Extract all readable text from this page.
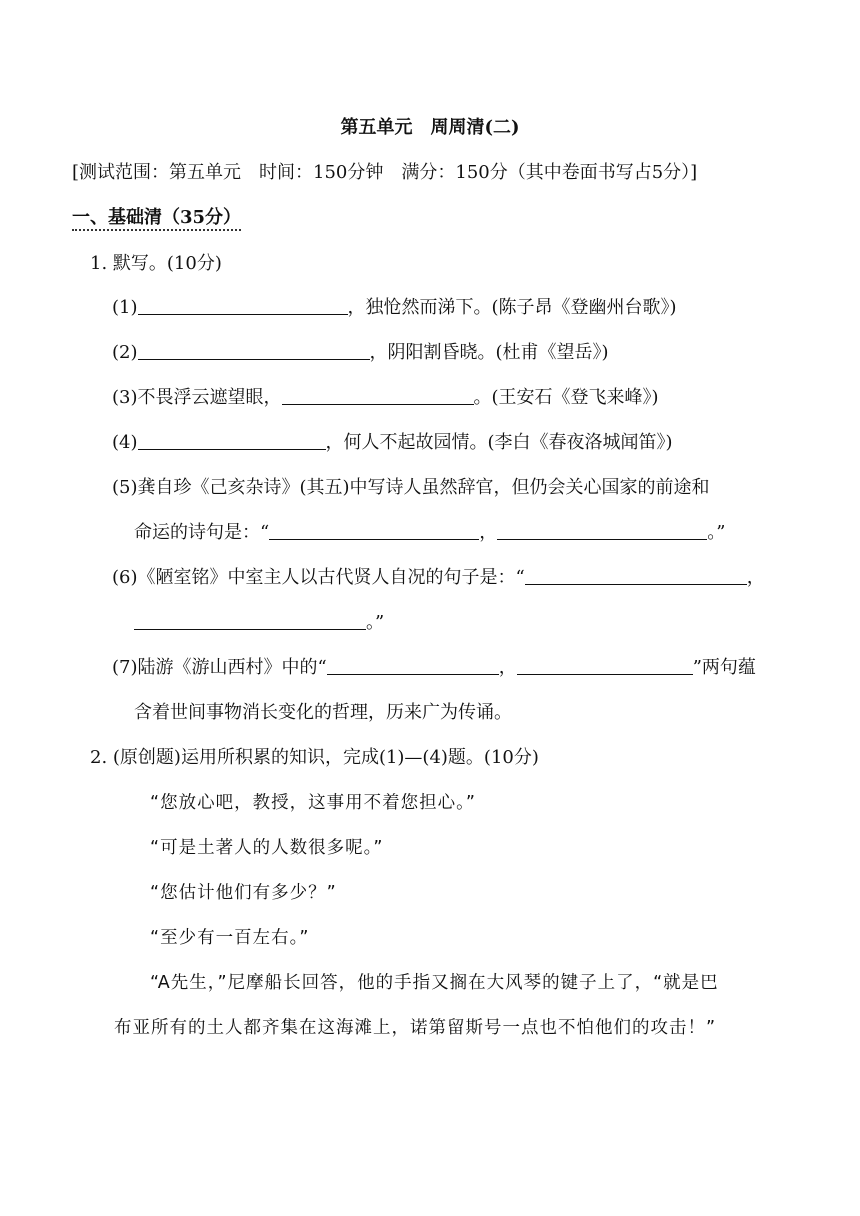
第五单元　周周清(二)
[测试范围：第五单元　时间：150分钟　满分：150分（其中卷面书写占5分）]
一、基础清（35分）
1. 默写。(10分)
(1)	，独怆然而涕下。(陈子昂《登幽州台歌》)
(2)	，阴阳割昏晓。(杜甫《望岳》)
(3)不畏浮云遮望眼，	。(王安石《登飞来峰》)
(4)	，何人不起故园情。(李白《春夜洛城闻笛》)
(5)龚自珍《己亥杂诗》(其五)中写诗人虽然辞官，但仍会关心国家的前途和
命运的诗句是：“	，	。”
(6)《陋室铭》中室主人以古代贤人自况的句子是：“	，
。”
(7)陆游《游山西村》中的“	，	”两句蕴
含着世间事物消长变化的哲理，历来广为传诵。
2. (原创题)运用所积累的知识，完成(1)—(4)题。(10分)
“您放心吧，教授，这事用不着您担心。”
“可是土著人的人数很多呢。”
“您估计他们有多少？”
“至少有一百左右。”
“A先生，”尼摩船长回答，他的手指又搁在大风琴的键子上了，“就是巴
布亚所有的土人都齐集在这海滩上，诺第留斯号一点也不怕他们的攻击！”
